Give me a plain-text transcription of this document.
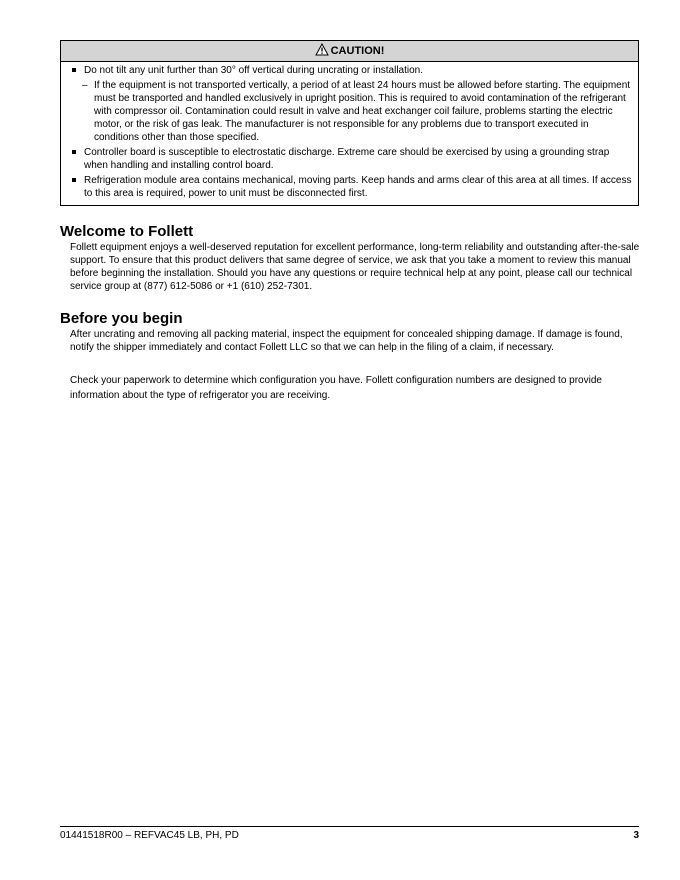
CAUTION!
Do not tilt any unit further than 30° off vertical during uncrating or installation.
– If the equipment is not transported vertically, a period of at least 24 hours must be allowed before starting. The equipment must be transported and handled exclusively in upright position. This is required to avoid contamination of the refrigerant with compressor oil. Contamination could result in valve and heat exchanger coil failure, problems starting the electric motor, or the risk of gas leak. The manufacturer is not responsible for any problems due to transport executed in conditions other than those specified.
Controller board is susceptible to electrostatic discharge. Extreme care should be exercised by using a grounding strap when handling and installing control board.
Refrigeration module area contains mechanical, moving parts. Keep hands and arms clear of this area at all times. If access to this area is required, power to unit must be disconnected first.
Welcome to Follett

Follett equipment enjoys a well-deserved reputation for excellent performance, long-term reliability and outstanding after-the-sale support. To ensure that this product delivers that same degree of service, we ask that you take a moment to review this manual before beginning the installation. Should you have any questions or require technical help at any point, please call our technical service group at (877) 612-5086 or +1 (610) 252-7301.

Before you begin

After uncrating and removing all packing material, inspect the equipment for concealed shipping damage. If damage is found, notify the shipper immediately and contact Follett LLC so that we can help in the filing of a claim, if necessary.

Check your paperwork to determine which configuration you have. Follett configuration numbers are designed to provide information about the type of refrigerator you are receiving.

01441518R00 – REFVAC45 LB, PH, PD	3
